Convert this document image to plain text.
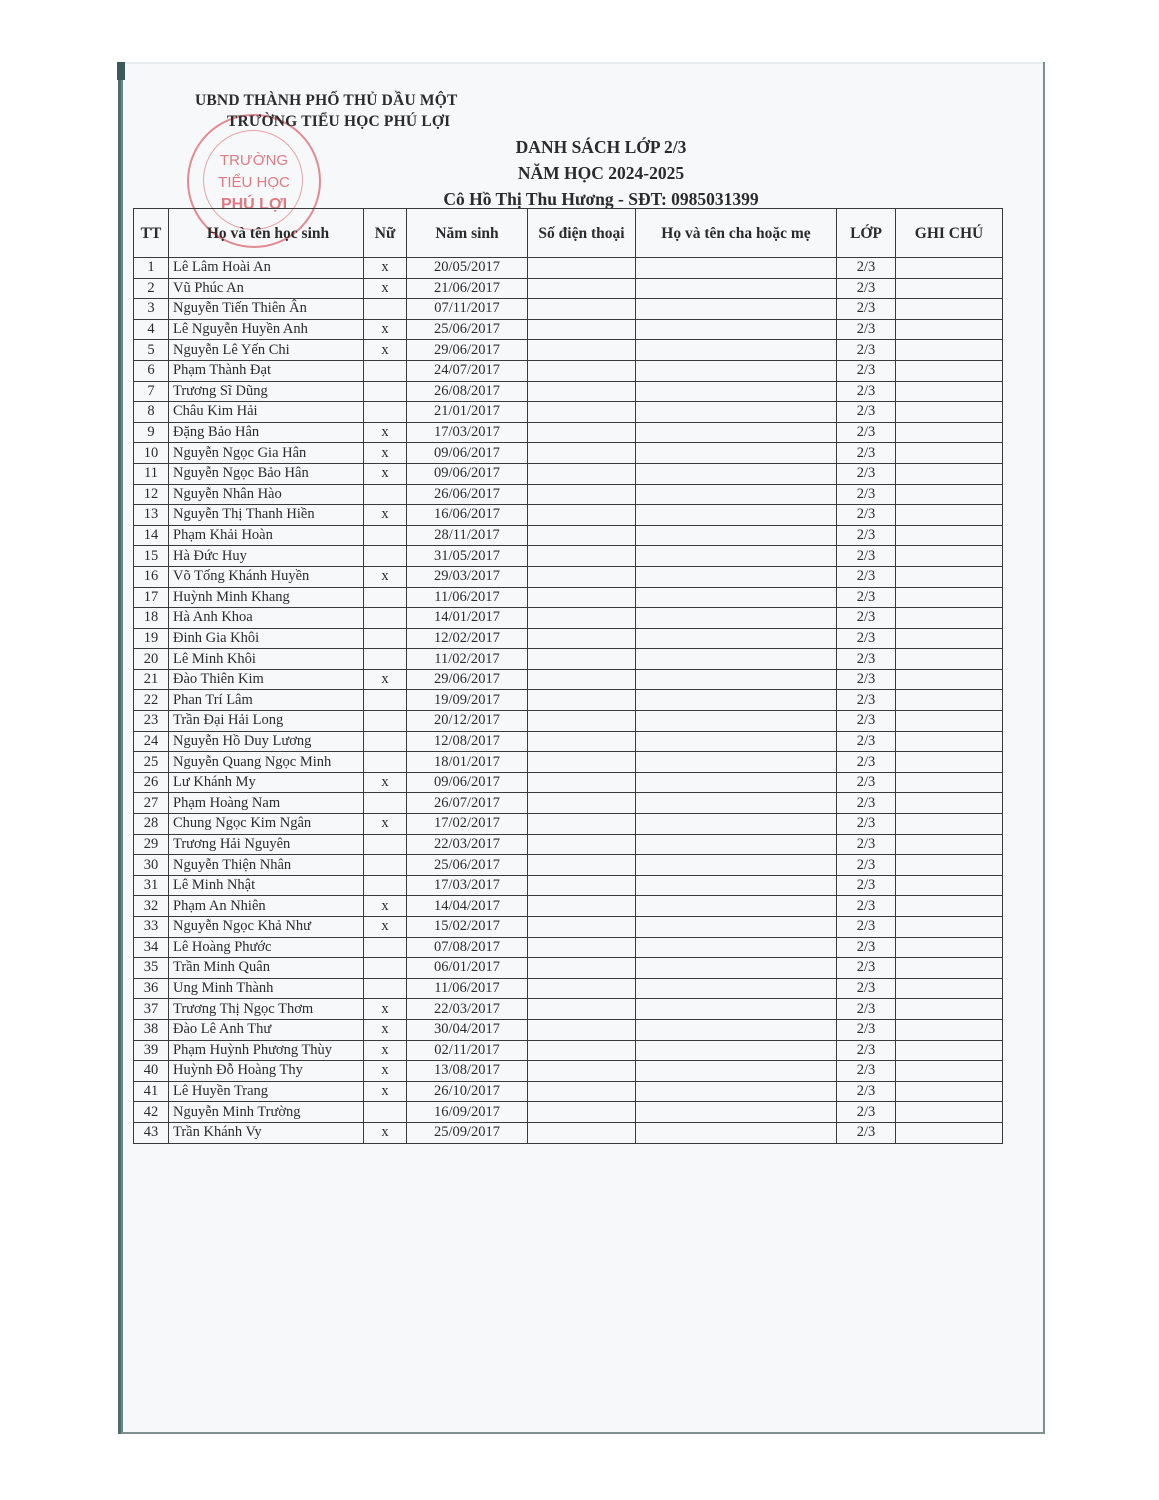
TRƯỜNG
TIỂU HỌC
PHÚ LỢI
UBND THÀNH PHỐ THỦ DẦU MỘT
TRƯỜNG TIỂU HỌC PHÚ LỢI
DANH SÁCH LỚP 2/3
NĂM HỌC 2024-2025
Cô Hồ Thị Thu Hương - SĐT: 0985031399
TT	Họ và tên học sinh	Nữ	Năm sinh	Số điện thoại	Họ và tên cha hoặc mẹ	LỚP	GHI CHÚ
1	Lê Lâm Hoài An	x	20/05/2017			2/3	
2	Vũ Phúc An	x	21/06/2017			2/3	
3	Nguyễn Tiến Thiên Ân		07/11/2017			2/3	
4	Lê Nguyễn Huyền Anh	x	25/06/2017			2/3	
5	Nguyễn Lê Yến Chi	x	29/06/2017			2/3	
6	Phạm Thành Đạt		24/07/2017			2/3	
7	Trương Sĩ Dũng		26/08/2017			2/3	
8	Châu Kim Hải		21/01/2017			2/3	
9	Đặng Bảo Hân	x	17/03/2017			2/3	
10	Nguyễn Ngọc Gia Hân	x	09/06/2017			2/3	
11	Nguyễn Ngọc Bảo Hân	x	09/06/2017			2/3	
12	Nguyễn Nhân Hào		26/06/2017			2/3	
13	Nguyễn Thị Thanh Hiền	x	16/06/2017			2/3	
14	Phạm Khải Hoàn		28/11/2017			2/3	
15	Hà Đức Huy		31/05/2017			2/3	
16	Võ Tống Khánh Huyền	x	29/03/2017			2/3	
17	Huỳnh Minh Khang		11/06/2017			2/3	
18	Hà Anh Khoa		14/01/2017			2/3	
19	Đinh Gia Khôi		12/02/2017			2/3	
20	Lê Minh Khôi		11/02/2017			2/3	
21	Đào Thiên Kim	x	29/06/2017			2/3	
22	Phan Trí Lâm		19/09/2017			2/3	
23	Trần Đại Hải Long		20/12/2017			2/3	
24	Nguyễn Hồ Duy Lương		12/08/2017			2/3	
25	Nguyễn Quang Ngọc Minh		18/01/2017			2/3	
26	Lư Khánh My	x	09/06/2017			2/3	
27	Phạm Hoàng Nam		26/07/2017			2/3	
28	Chung Ngọc Kim Ngân	x	17/02/2017			2/3	
29	Trương Hải Nguyên		22/03/2017			2/3	
30	Nguyễn Thiện Nhân		25/06/2017			2/3	
31	Lê Minh Nhật		17/03/2017			2/3	
32	Phạm An Nhiên	x	14/04/2017			2/3	
33	Nguyễn Ngọc Khả Như	x	15/02/2017			2/3	
34	Lê Hoàng Phước		07/08/2017			2/3	
35	Trần Minh Quân		06/01/2017			2/3	
36	Ung Minh Thành		11/06/2017			2/3	
37	Trương Thị Ngọc Thơm	x	22/03/2017			2/3	
38	Đào Lê Anh Thư	x	30/04/2017			2/3	
39	Phạm Huỳnh Phương Thùy	x	02/11/2017			2/3	
40	Huỳnh Đỗ Hoàng Thy	x	13/08/2017			2/3	
41	Lê Huyền Trang	x	26/10/2017			2/3	
42	Nguyễn Minh Trường		16/09/2017			2/3	
43	Trần Khánh Vy	x	25/09/2017			2/3	
